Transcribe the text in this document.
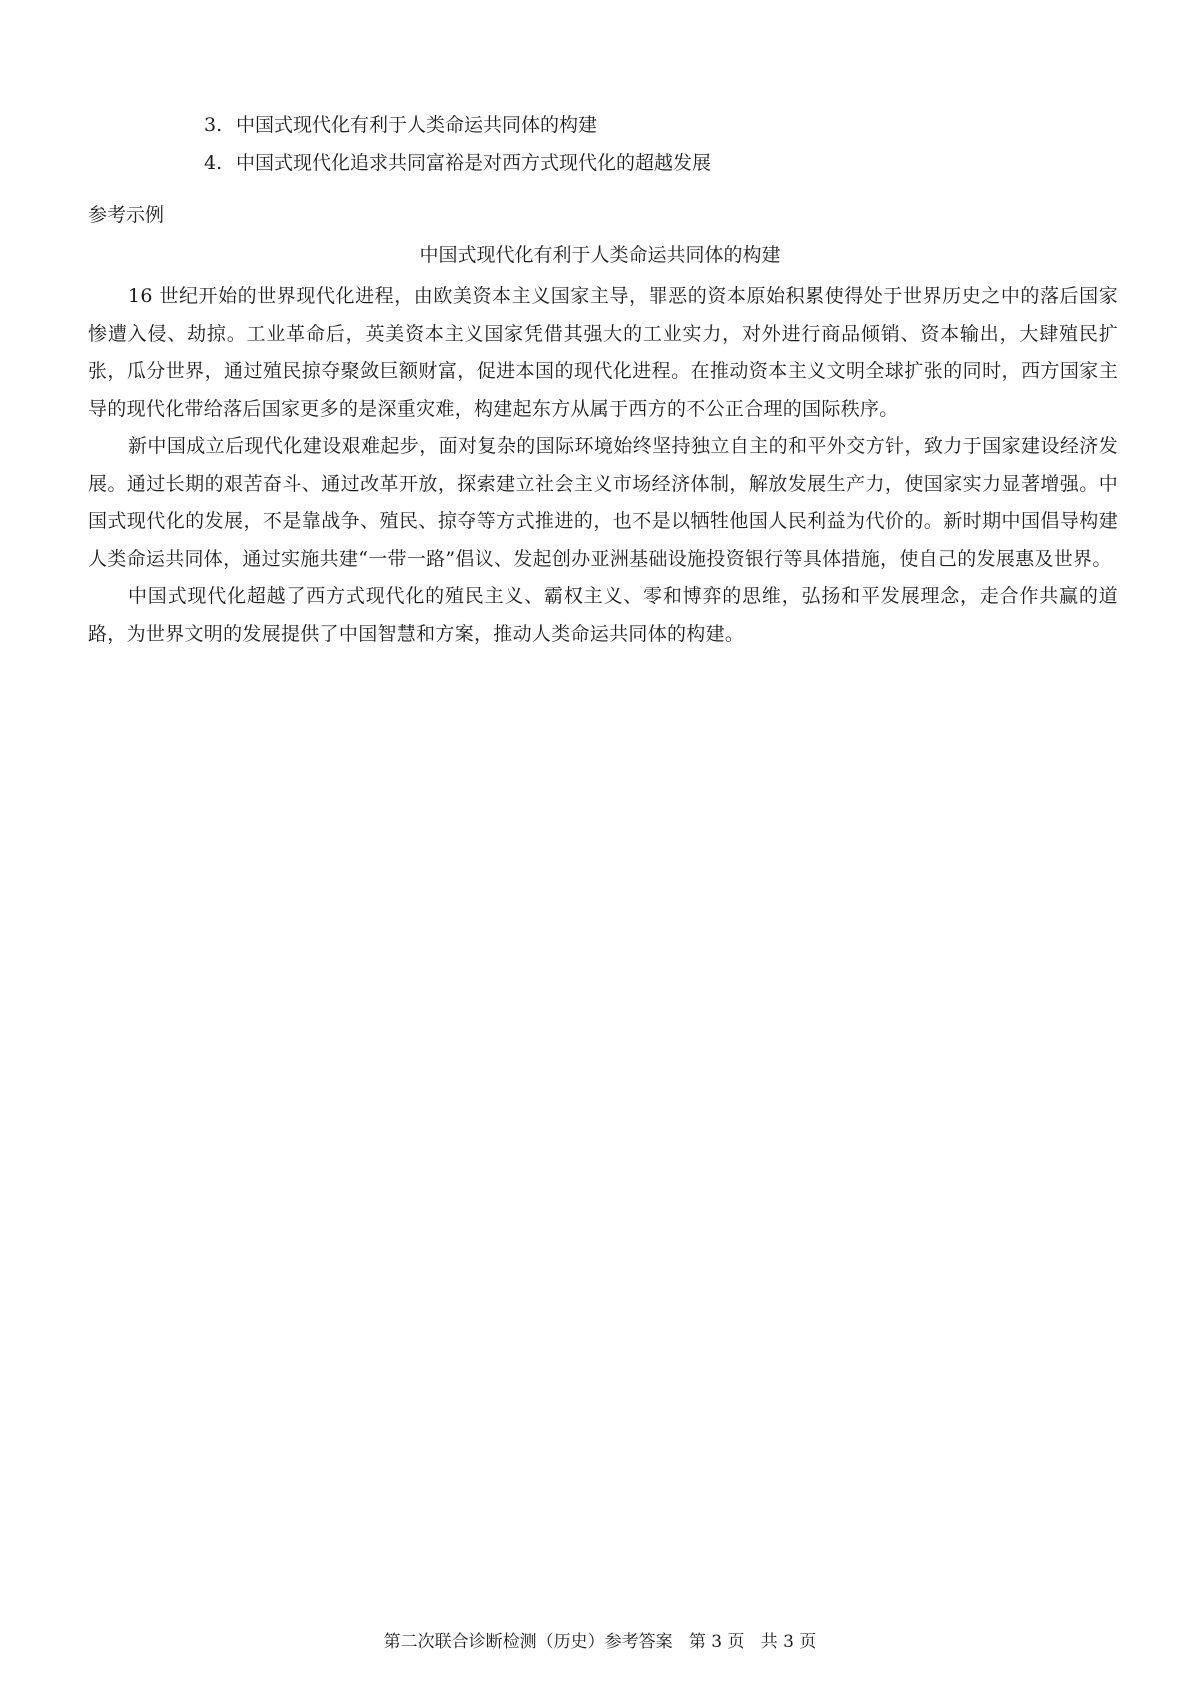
3. 中国式现代化有利于人类命运共同体的构建
4. 中国式现代化追求共同富裕是对西方式现代化的超越发展
参考示例
中国式现代化有利于人类命运共同体的构建

16 世纪开始的世界现代化进程，由欧美资本主义国家主导，罪恶的资本原始积累使得处于世界历史之中的落后国家惨遭入侵、劫掠。工业革命后，英美资本主义国家凭借其强大的工业实力，对外进行商品倾销、资本输出，大肆殖民扩张，瓜分世界，通过殖民掠夺聚敛巨额财富，促进本国的现代化进程。在推动资本主义文明全球扩张的同时，西方国家主导的现代化带给落后国家更多的是深重灾难，构建起东方从属于西方的不公正合理的国际秩序。

新中国成立后现代化建设艰难起步，面对复杂的国际环境始终坚持独立自主的和平外交方针，致力于国家建设经济发展。通过长期的艰苦奋斗、通过改革开放，探索建立社会主义市场经济体制，解放发展生产力，使国家实力显著增强。中国式现代化的发展，不是靠战争、殖民、掠夺等方式推进的，也不是以牺牲他国人民利益为代价的。新时期中国倡导构建人类命运共同体，通过实施共建“一带一路”倡议、发起创办亚洲基础设施投资银行等具体措施，使自己的发展惠及世界。

中国式现代化超越了西方式现代化的殖民主义、霸权主义、零和博弈的思维，弘扬和平发展理念，走合作共赢的道路，为世界文明的发展提供了中国智慧和方案，推动人类命运共同体的构建。

第二次联合诊断检测（历史）参考答案   第 3 页   共 3 页
